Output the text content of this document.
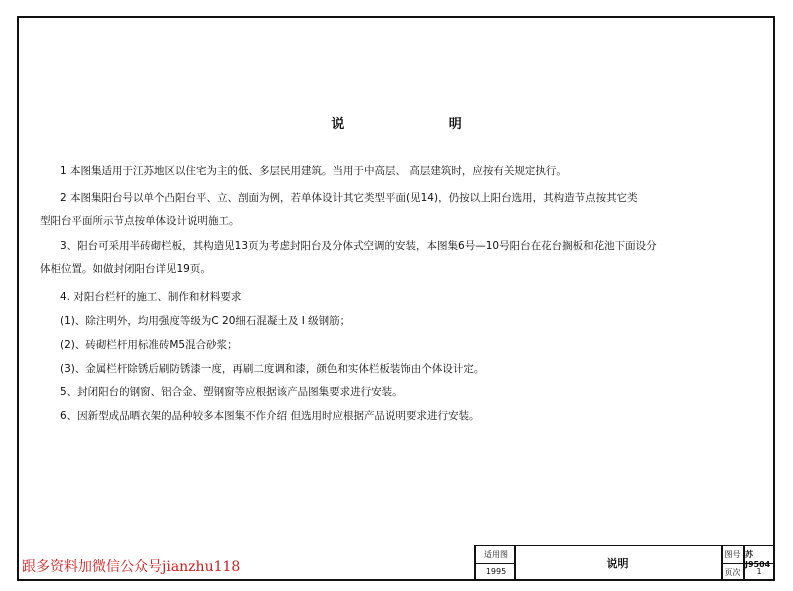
说 明
1 本图集适用于江苏地区以住宅为主的低、多层民用建筑。当用于中高层、 高层建筑时，应按有关规定执行。
2 本图集阳台号以单个凸阳台平、立、剖面为例，若单体设计其它类型平面(见14)，仍按以上阳台选用，其构造节点按其它类
型阳台平面所示节点按单体设计说明施工。
3、阳台可采用半砖砌栏板，其构造见13页为考虑封阳台及分体式空调的安装，本图集6号—10号阳台在花台搁板和花池下面设分
体柜位置。如做封闭阳台详见19页。
4. 对阳台栏杆的施工、制作和材料要求
(1)、除注明外，均用强度等级为C 20细石混凝土及 I 级钢筋；
(2)、砖砌栏杆用标准砖M5混合砂浆；
(3)、金属栏杆除锈后刷防锈漆一度，再刷二度调和漆，颜色和实体栏板装饰由个体设计定。
5、封闭阳台的钢窗、铝合金、塑钢窗等应根据该产品图集要求进行安装。
6、因新型成品晒衣架的品种较多本图集不作介绍 但选用时应根据产品说明要求进行安装。
跟多资料加微信公众号jianzhu118
适用图
1995
说明
图号 苏J9504
页次	1
